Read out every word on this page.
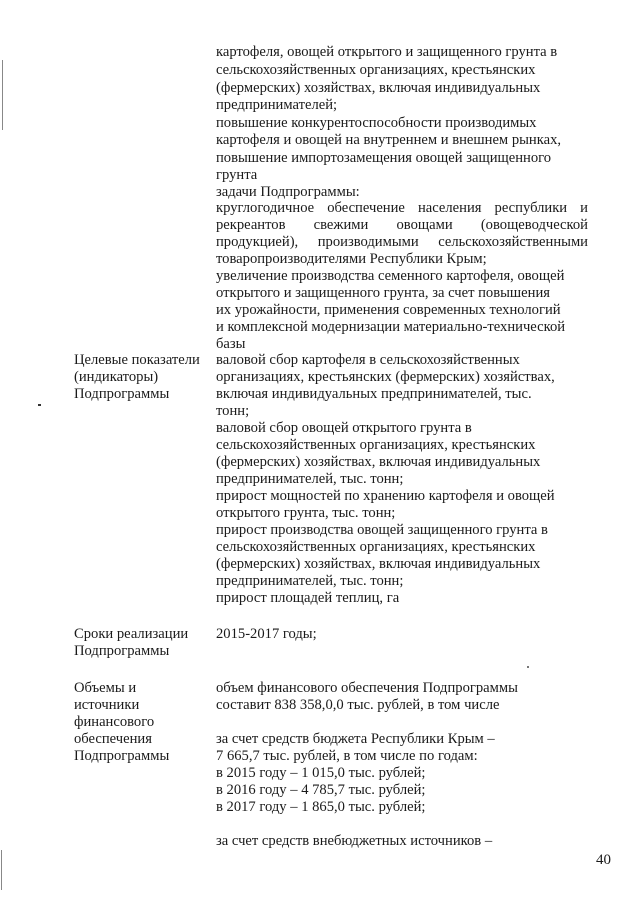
картофеля, овощей открытого и защищенного грунта в
сельскохозяйственных организациях, крестьянских
(фермерских) хозяйствах, включая индивидуальных
предпринимателей;
повышение конкурентоспособности производимых
картофеля и овощей на внутреннем и внешнем рынках,
повышение импортозамещения овощей защищенного
грунта
задачи Подпрограммы:
круглогодичное обеспечение населения республики и
рекреантов свежими овощами (овощеводческой
продукцией), производимыми сельскохозяйственными
товаропроизводителями Республики Крым;
увеличение производства семенного картофеля, овощей
открытого и защищенного грунта, за счет повышения
их урожайности, применения современных технологий
и комплексной модернизации материально-технической
базы
Целевые показатели
(индикаторы)
Подпрограммы
валовой сбор картофеля в сельскохозяйственных
организациях, крестьянских (фермерских) хозяйствах,
включая индивидуальных предпринимателей, тыс.
тонн;
валовой сбор овощей открытого грунта в
сельскохозяйственных организациях, крестьянских
(фермерских) хозяйствах, включая индивидуальных
предпринимателей, тыс. тонн;
прирост мощностей по хранению картофеля и овощей
открытого грунта, тыс. тонн;
прирост производства овощей защищенного грунта в
сельскохозяйственных организациях, крестьянских
(фермерских) хозяйствах, включая индивидуальных
предпринимателей, тыс. тонн;
прирост площадей теплиц, га
Сроки реализации
Подпрограммы
2015-2017 годы;
Объемы и
источники
финансового
обеспечения
Подпрограммы
объем финансового обеспечения Подпрограммы
составит 838 358,0,0 тыс. рублей, в том числе
за счет средств бюджета Республики Крым –
7 665,7 тыс. рублей, в том числе по годам:
в 2015 году – 1 015,0 тыс. рублей;
в 2016 году – 4 785,7 тыс. рублей;
в 2017 году – 1 865,0 тыс. рублей;
за счет средств внебюджетных источников –
40
